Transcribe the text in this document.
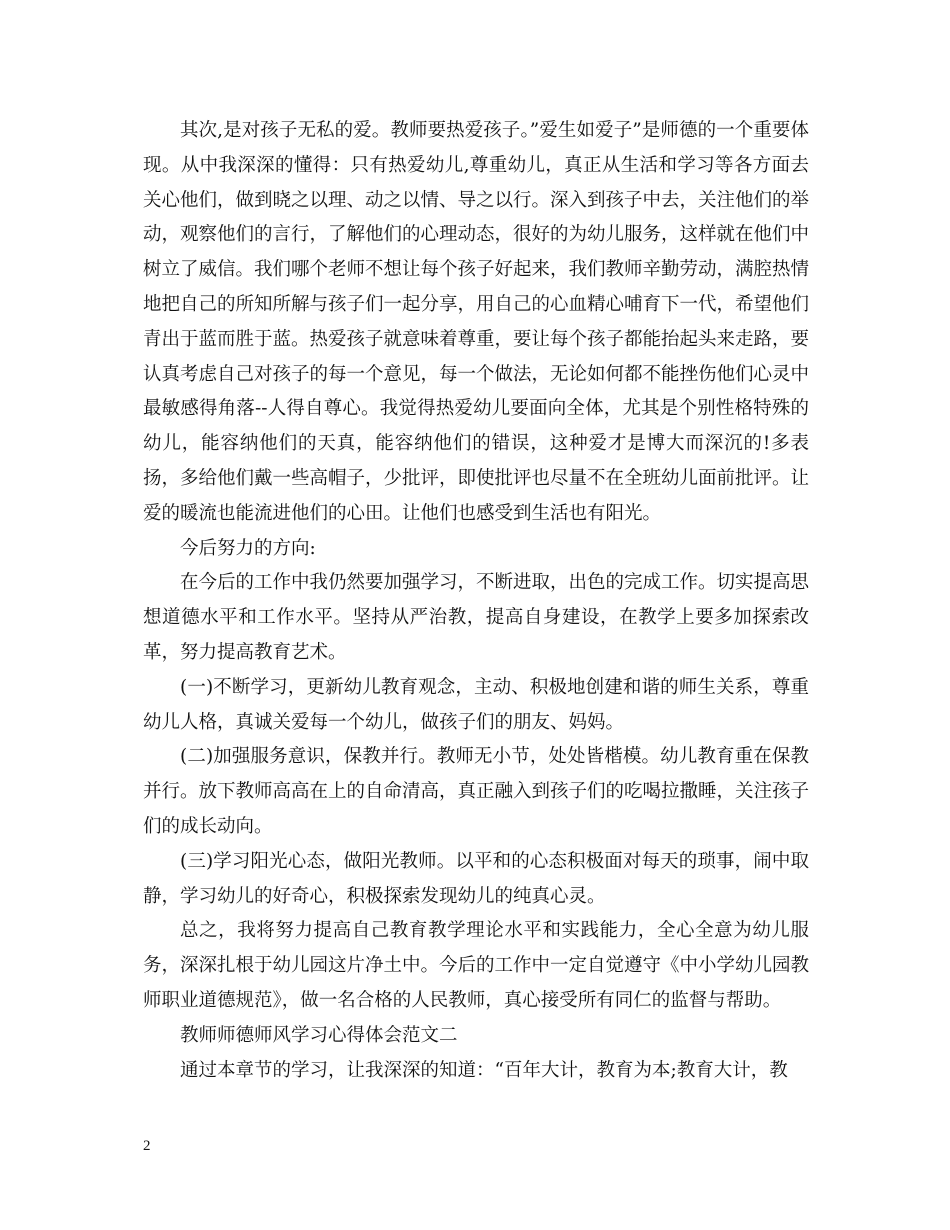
其次,是对孩子无私的爱。教师要热爱孩子。”爱生如爱子”是师德的一个重要体现。从中我深深的懂得：只有热爱幼儿,尊重幼儿，真正从生活和学习等各方面去关心他们，做到晓之以理、动之以情、导之以行。深入到孩子中去，关注他们的举动，观察他们的言行，了解他们的心理动态，很好的为幼儿服务，这样就在他们中树立了威信。我们哪个老师不想让每个孩子好起来，我们教师辛勤劳动，满腔热情地把自己的所知所解与孩子们一起分享，用自己的心血精心哺育下一代，希望他们青出于蓝而胜于蓝。热爱孩子就意味着尊重，要让每个孩子都能抬起头来走路，要认真考虑自己对孩子的每一个意见，每一个做法，无论如何都不能挫伤他们心灵中最敏感得角落--人得自尊心。我觉得热爱幼儿要面向全体，尤其是个别性格特殊的幼儿，能容纳他们的天真，能容纳他们的错误，这种爱才是博大而深沉的!多表扬，多给他们戴一些高帽子，少批评，即使批评也尽量不在全班幼儿面前批评。让爱的暖流也能流进他们的心田。让他们也感受到生活也有阳光。

今后努力的方向:

在今后的工作中我仍然要加强学习，不断进取，出色的完成工作。切实提高思想道德水平和工作水平。坚持从严治教，提高自身建设，在教学上要多加探索改革，努力提高教育艺术。

(一)不断学习，更新幼儿教育观念，主动、积极地创建和谐的师生关系，尊重幼儿人格，真诚关爱每一个幼儿，做孩子们的朋友、妈妈。

(二)加强服务意识，保教并行。教师无小节，处处皆楷模。幼儿教育重在保教并行。放下教师高高在上的自命清高，真正融入到孩子们的吃喝拉撒睡，关注孩子们的成长动向。

(三)学习阳光心态，做阳光教师。以平和的心态积极面对每天的琐事，闹中取静，学习幼儿的好奇心，积极探索发现幼儿的纯真心灵。

总之，我将努力提高自己教育教学理论水平和实践能力，全心全意为幼儿服务，深深扎根于幼儿园这片净土中。今后的工作中一定自觉遵守《中小学幼儿园教师职业道德规范》，做一名合格的人民教师，真心接受所有同仁的监督与帮助。

教师师德师风学习心得体会范文二

通过本章节的学习，让我深深的知道：“百年大计，教育为本;教育大计，教

2
